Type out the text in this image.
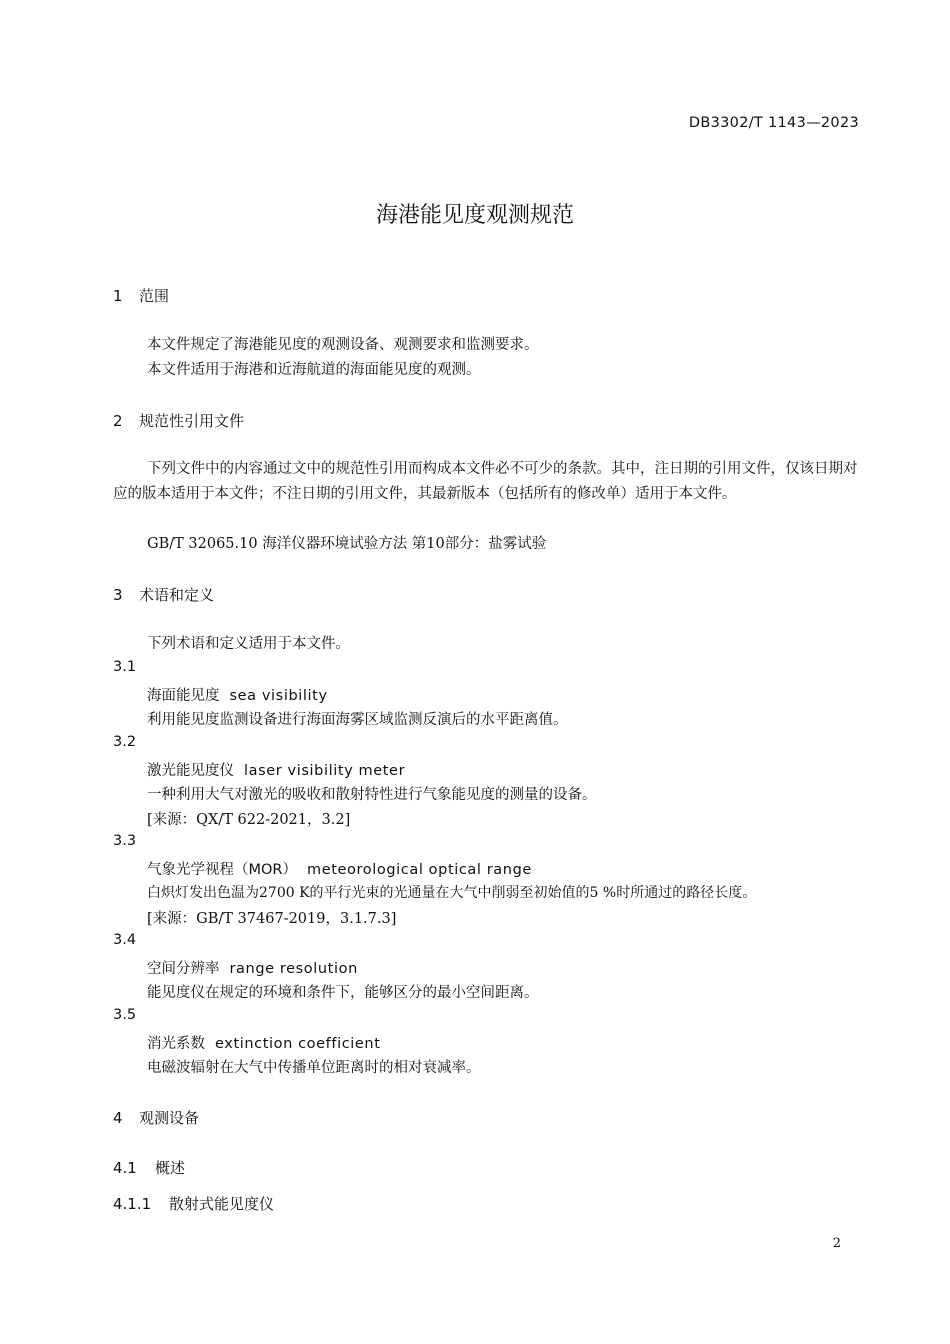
DB3302/T 1143—2023
海港能见度观测规范
1 范围
本文件规定了海港能见度的观测设备、观测要求和监测要求。
本文件适用于海港和近海航道的海面能见度的观测。
2 规范性引用文件
下列文件中的内容通过文中的规范性引用而构成本文件必不可少的条款。其中，注日期的引用文件，仅该日期对应的版本适用于本文件；不注日期的引用文件，其最新版本（包括所有的修改单）适用于本文件。
GB/T 32065.10 海洋仪器环境试验方法 第10部分：盐雾试验
3 术语和定义
下列术语和定义适用于本文件。
3.1
海面能见度 sea visibility
利用能见度监测设备进行海面海雾区域监测反演后的水平距离值。
3.2
激光能见度仪 laser visibility meter
一种利用大气对激光的吸收和散射特性进行气象能见度的测量的设备。
[来源：QX/T 622-2021，3.2]
3.3
气象光学视程（MOR） meteorological optical range
白炽灯发出色温为2700 K的平行光束的光通量在大气中削弱至初始值的5 %时所通过的路径长度。
[来源：GB/T 37467-2019，3.1.7.3]
3.4
空间分辨率 range resolution
能见度仪在规定的环境和条件下，能够区分的最小空间距离。
3.5
消光系数 extinction coefficient
电磁波辐射在大气中传播单位距离时的相对衰减率。
4 观测设备
4.1 概述
4.1.1 散射式能见度仪
2
